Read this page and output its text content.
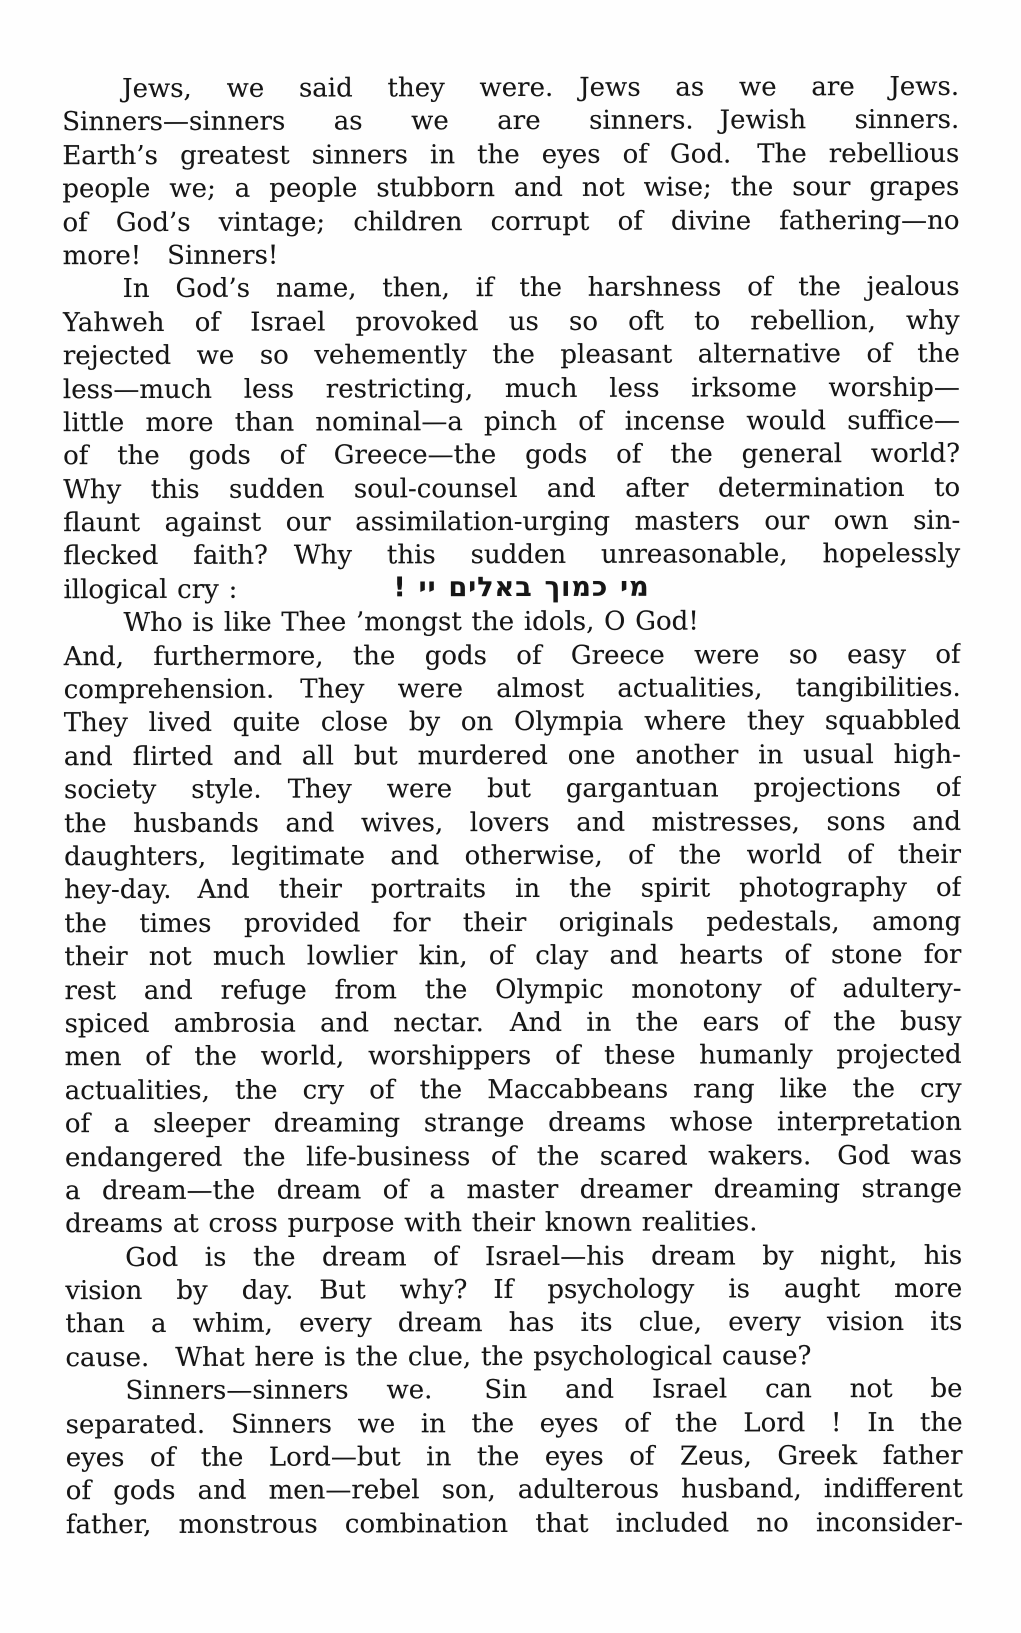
Jews, we said they were. Jews as we are Jews.
Sinners—sinners as we are sinners. Jewish sinners.
Earth’s greatest sinners in the eyes of God. The rebellious
people we; a people stubborn and not wise; the sour grapes
of God’s vintage; children corrupt of divine fathering—no
more! Sinners!
In God’s name, then, if the harshness of the jealous
Yahweh of Israel provoked us so oft to rebellion, why
rejected we so vehemently the pleasant alternative of the
less—much less restricting, much less irksome worship—
little more than nominal—a pinch of incense would suffice—
of the gods of Greece—the gods of the general world?
Why this sudden soul-counsel and after determination to
flaunt against our assimilation-urging masters our own sin-
flecked faith? Why this sudden unreasonable, hopelessly
illogical cry :	מי כמוך באלים יי !
Who is like Thee ’mongst the idols, O God!
And, furthermore, the gods of Greece were so easy of
comprehension. They were almost actualities, tangibilities.
They lived quite close by on Olympia where they squabbled
and flirted and all but murdered one another in usual high-
society style. They were but gargantuan projections of
the husbands and wives, lovers and mistresses, sons and
daughters, legitimate and otherwise, of the world of their
hey-day. And their portraits in the spirit photography of
the times provided for their originals pedestals, among
their not much lowlier kin, of clay and hearts of stone for
rest and refuge from the Olympic monotony of adultery-
spiced ambrosia and nectar. And in the ears of the busy
men of the world, worshippers of these humanly projected
actualities, the cry of the Maccabbeans rang like the cry
of a sleeper dreaming strange dreams whose interpretation
endangered the life-business of the scared wakers. God was
a dream—the dream of a master dreamer dreaming strange
dreams at cross purpose with their known realities.
God is the dream of Israel—his dream by night, his
vision by day. But why? If psychology is aught more
than a whim, every dream has its clue, every vision its
cause. What here is the clue, the psychological cause?
Sinners—sinners we.  Sin and Israel can not be
separated. Sinners we in the eyes of the Lord ! In the
eyes of the Lord—but in the eyes of Zeus, Greek father
of gods and men—rebel son, adulterous husband, indifferent
father, monstrous combination that included no inconsider-
